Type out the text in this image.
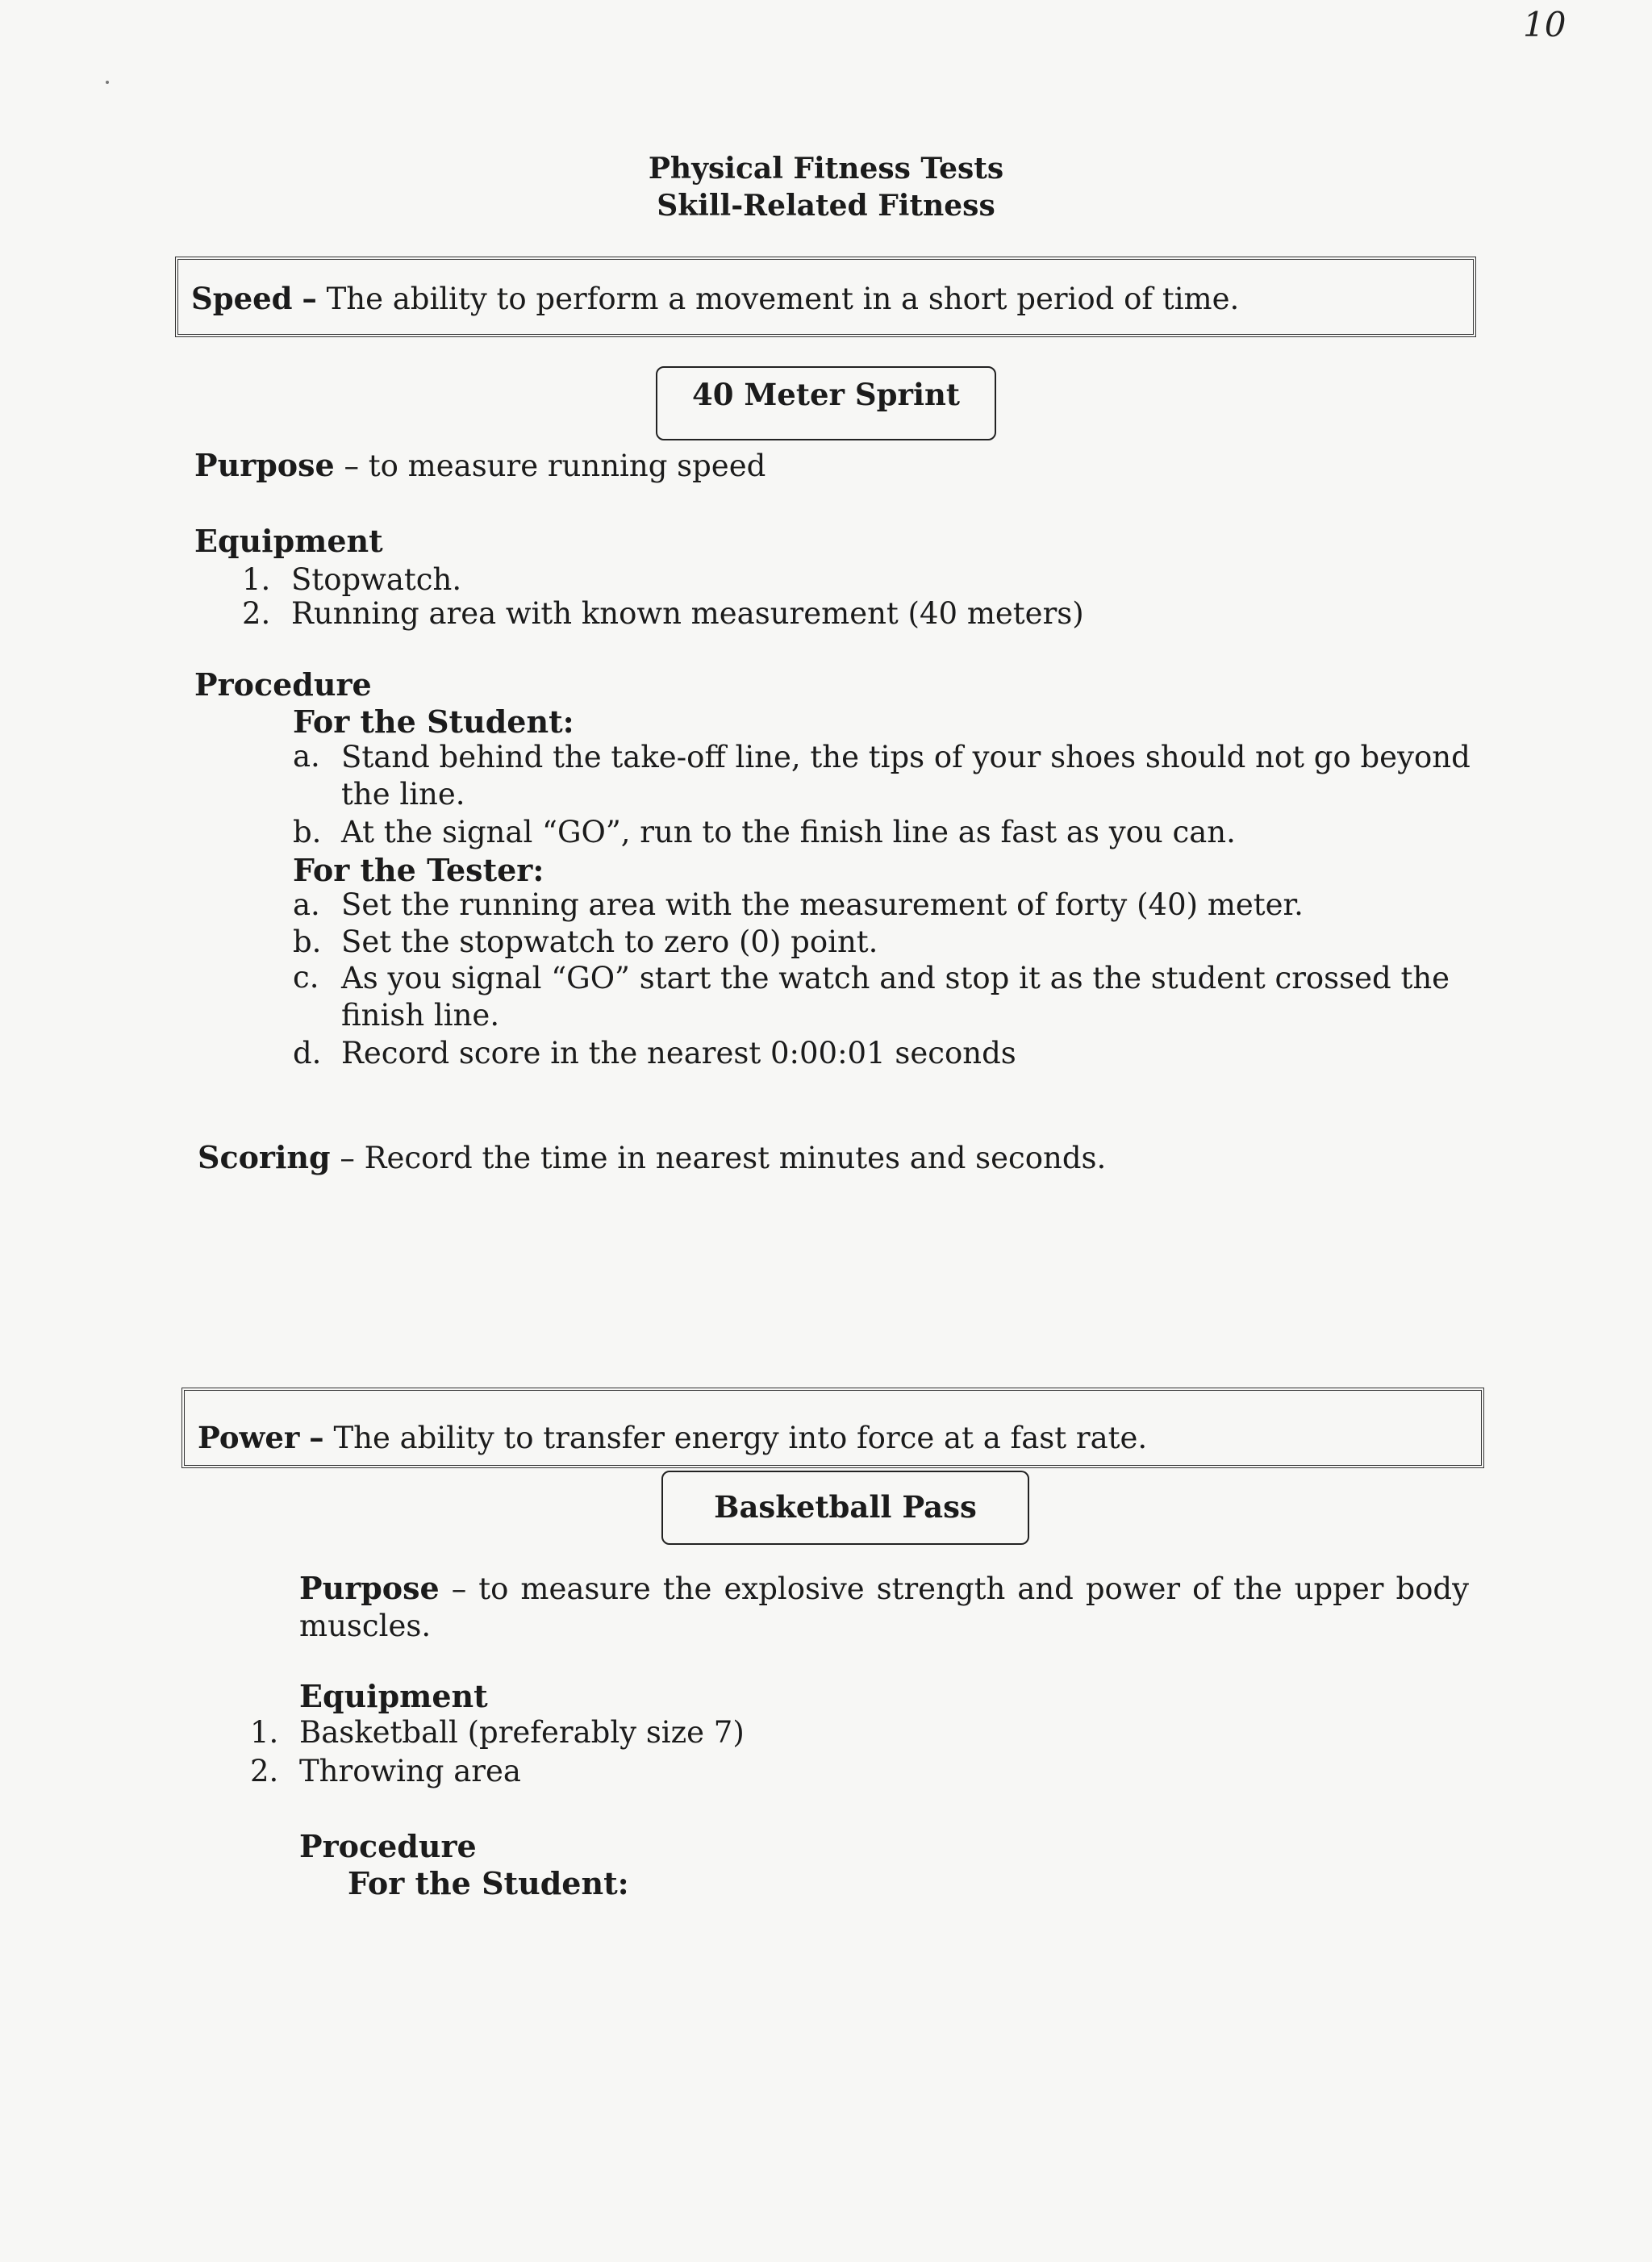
10
Physical Fitness Tests
Skill-Related Fitness
Speed – The ability to perform a movement in a short period of time.
40 Meter Sprint
Purpose – to measure running speed
Equipment
1. Stopwatch.
2. Running area with known measurement (40 meters)
Procedure
For the Student:
a. Stand behind the take-off line, the tips of your shoes should not go beyond the line.
b. At the signal “GO”, run to the finish line as fast as you can.
For the Tester:
a. Set the running area with the measurement of forty (40) meter.
b. Set the stopwatch to zero (0) point.
c. As you signal “GO” start the watch and stop it as the student crossed the finish line.
d. Record score in the nearest 0:00:01 seconds
Scoring – Record the time in nearest minutes and seconds.
Power – The ability to transfer energy into force at a fast rate.
Basketball Pass
Purpose – to measure the explosive strength and power of the upper body muscles.
Equipment
1. Basketball (preferably size 7)
2. Throwing area
Procedure
For the Student:
